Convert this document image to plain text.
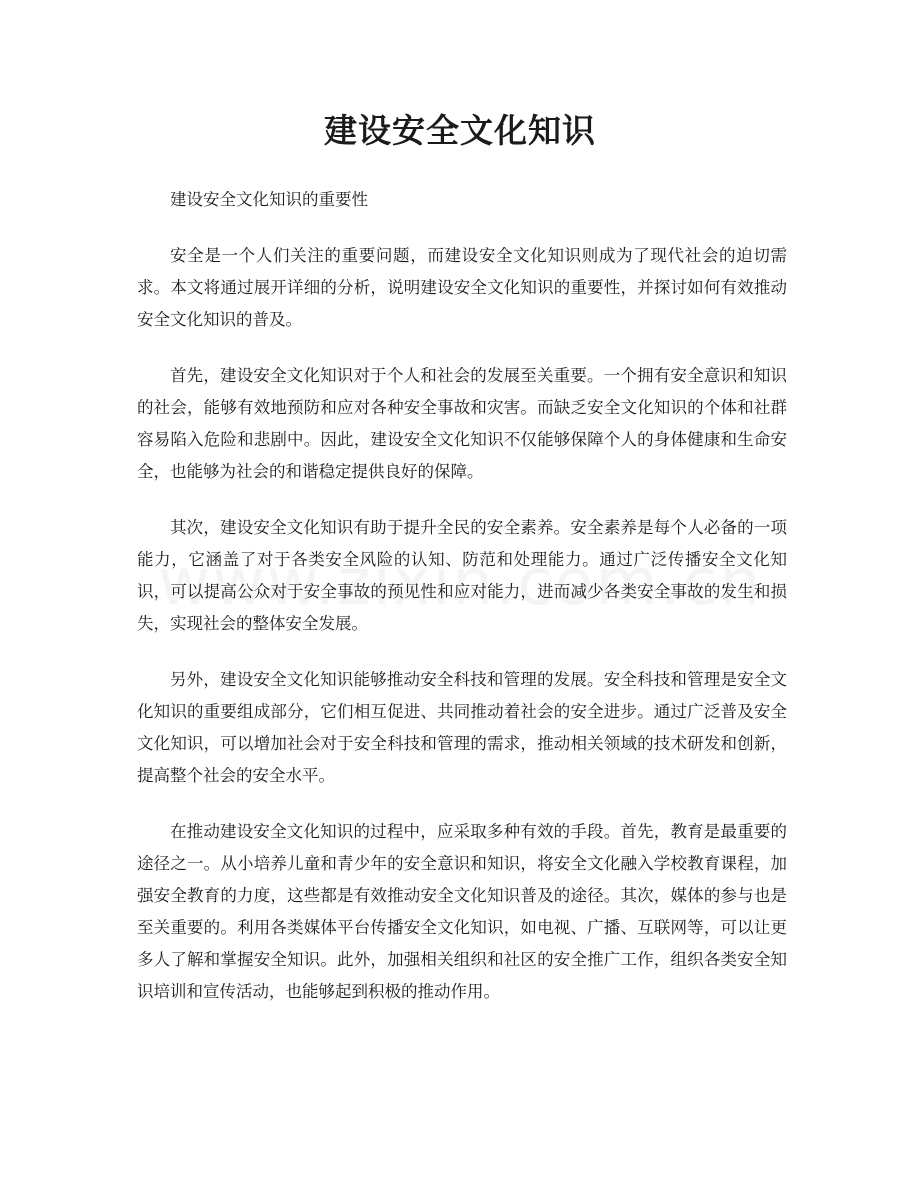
建设安全文化知识

建设安全文化知识的重要性

安全是一个人们关注的重要问题，而建设安全文化知识则成为了现代社会的迫切需求。本文将通过展开详细的分析，说明建设安全文化知识的重要性，并探讨如何有效推动安全文化知识的普及。

首先，建设安全文化知识对于个人和社会的发展至关重要。一个拥有安全意识和知识的社会，能够有效地预防和应对各种安全事故和灾害。而缺乏安全文化知识的个体和社群容易陷入危险和悲剧中。因此，建设安全文化知识不仅能够保障个人的身体健康和生命安全，也能够为社会的和谐稳定提供良好的保障。

其次，建设安全文化知识有助于提升全民的安全素养。安全素养是每个人必备的一项能力，它涵盖了对于各类安全风险的认知、防范和处理能力。通过广泛传播安全文化知识，可以提高公众对于安全事故的预见性和应对能力，进而减少各类安全事故的发生和损失，实现社会的整体安全发展。

另外，建设安全文化知识能够推动安全科技和管理的发展。安全科技和管理是安全文化知识的重要组成部分，它们相互促进、共同推动着社会的安全进步。通过广泛普及安全文化知识，可以增加社会对于安全科技和管理的需求，推动相关领域的技术研发和创新，提高整个社会的安全水平。

在推动建设安全文化知识的过程中，应采取多种有效的手段。首先，教育是最重要的途径之一。从小培养儿童和青少年的安全意识和知识，将安全文化融入学校教育课程，加强安全教育的力度，这些都是有效推动安全文化知识普及的途径。其次，媒体的参与也是至关重要的。利用各类媒体平台传播安全文化知识，如电视、广播、互联网等，可以让更多人了解和掌握安全知识。此外，加强相关组织和社区的安全推广工作，组织各类安全知识培训和宣传活动，也能够起到积极的推动作用。
